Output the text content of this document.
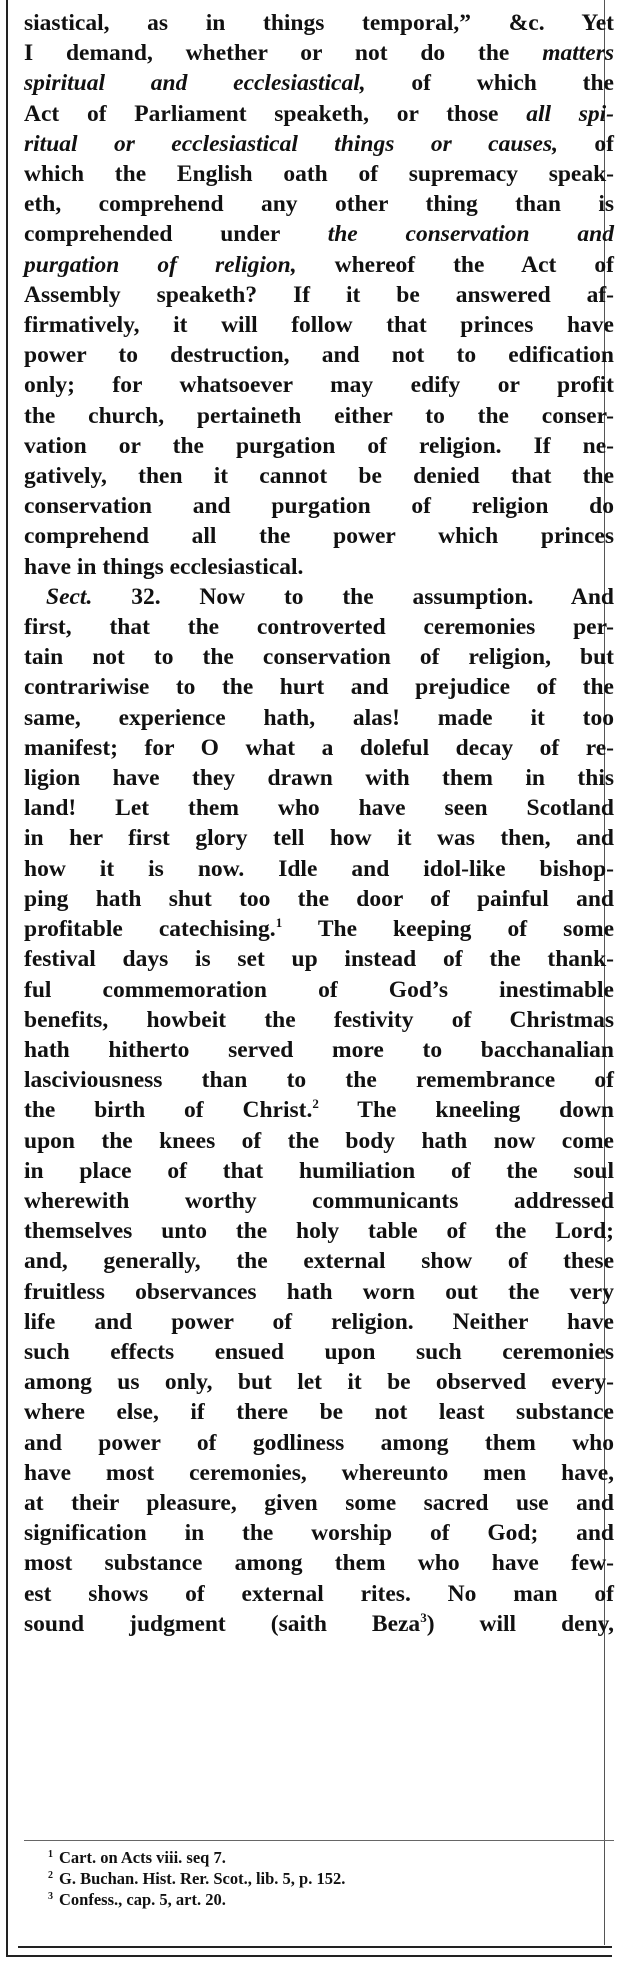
siastical, as in things temporal,” &c. Yet
I demand, whether or not do the matters
spiritual and ecclesiastical, of which the
Act of Parliament speaketh, or those all spi-
ritual or ecclesiastical things or causes, of
which the English oath of supremacy speak-
eth, comprehend any other thing than is
comprehended under the conservation and
purgation of religion, whereof the Act of
Assembly speaketh? If it be answered af-
firmatively, it will follow that princes have
power to destruction, and not to edification
only; for whatsoever may edify or profit
the church, pertaineth either to the conser-
vation or the purgation of religion. If ne-
gatively, then it cannot be denied that the
conservation and purgation of religion do
comprehend all the power which princes
have in things ecclesiastical.

Sect. 32. Now to the assumption. And
first, that the controverted ceremonies per-
tain not to the conservation of religion, but
contrariwise to the hurt and prejudice of the
same, experience hath, alas! made it too
manifest; for O what a doleful decay of re-
ligion have they drawn with them in this
land! Let them who have seen Scotland
in her first glory tell how it was then, and
how it is now. Idle and idol-like bishop-
ping hath shut too the door of painful and
profitable catechising.$^1$ The keeping of some
festival days is set up instead of the thank-
ful commemoration of God’s inestimable
benefits, howbeit the festivity of Christmas
hath hitherto served more to bacchanalian
lasciviousness than to the remembrance of
the birth of Christ.$^2$ The kneeling down
upon the knees of the body hath now come
in place of that humiliation of the soul
wherewith worthy communicants addressed
themselves unto the holy table of the Lord;
and, generally, the external show of these
fruitless observances hath worn out the very
life and power of religion. Neither have
such effects ensued upon such ceremonies
among us only, but let it be observed every-
where else, if there be not least substance
and power of godliness among them who
have most ceremonies, whereunto men have,
at their pleasure, given some sacred use and
signification in the worship of God; and
most substance among them who have few-
est shows of external rites. No man of
sound judgment (saith Beza$^3$) will deny,

$^1$ Cart. on Acts viii. seq 7.
$^2$ G. Buchan. Hist. Rer. Scot., lib. 5, p. 152.
$^3$ Confess., cap. 5, art. 20.
